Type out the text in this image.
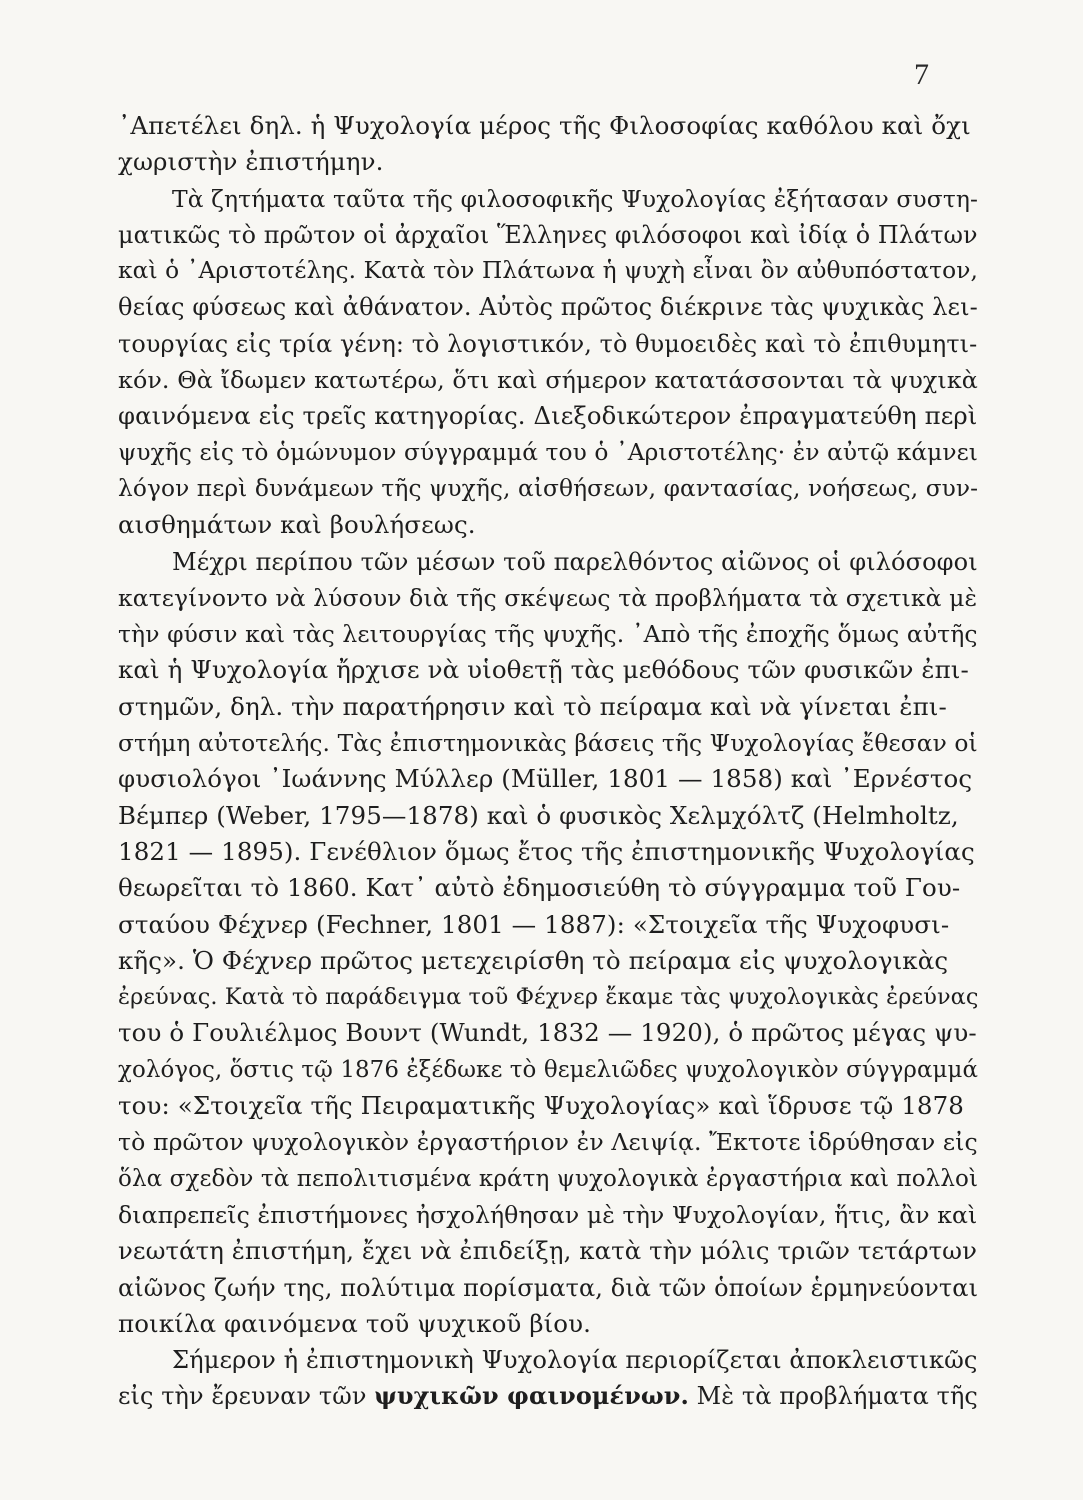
7
᾿Απετέλει δηλ. ἡ Ψυχολογία μέρος τῆς Φιλοσοφίας καθόλου καὶ ὄχι
χωριστὴν ἐπιστήμην.
Τὰ ζητήματα ταῦτα τῆς φιλοσοφικῆς Ψυχολογίας ἐξήτασαν συστη-
ματικῶς τὸ πρῶτον οἱ ἀρχαῖοι Ἕλληνες φιλόσοφοι καὶ ἰδίᾳ ὁ Πλάτων
καὶ ὁ ᾿Αριστοτέλης. Κατὰ τὸν Πλάτωνα ἡ ψυχὴ εἶναι ὂν αὐθυπόστατον,
θείας φύσεως καὶ ἀθάνατον. Αὐτὸς πρῶτος διέκρινε τὰς ψυχικὰς λει-
τουργίας εἰς τρία γένη: τὸ λογιστικόν, τὸ θυμοειδὲς καὶ τὸ ἐπιθυμητι-
κόν. Θὰ ἴδωμεν κατωτέρω, ὅτι καὶ σήμερον κατατάσσονται τὰ ψυχικὰ
φαινόμενα εἰς τρεῖς κατηγορίας. Διεξοδικώτερον ἐπραγματεύθη περὶ
ψυχῆς εἰς τὸ ὁμώνυμον σύγγραμμά του ὁ ᾿Αριστοτέλης· ἐν αὐτῷ κάμνει
λόγον περὶ δυνάμεων τῆς ψυχῆς, αἰσθήσεων, φαντασίας, νοήσεως, συν-
αισθημάτων καὶ βουλήσεως.
Μέχρι περίπου τῶν μέσων τοῦ παρελθόντος αἰῶνος οἱ φιλόσοφοι
κατεγίνοντο νὰ λύσουν διὰ τῆς σκέψεως τὰ προβλήματα τὰ σχετικὰ μὲ
τὴν φύσιν καὶ τὰς λειτουργίας τῆς ψυχῆς. ᾿Απὸ τῆς ἐποχῆς ὅμως αὐτῆς
καὶ ἡ Ψυχολογία ἤρχισε νὰ υἱοθετῇ τὰς μεθόδους τῶν φυσικῶν ἐπι-
στημῶν, δηλ. τὴν παρατήρησιν καὶ τὸ πείραμα καὶ νὰ γίνεται ἐπι-
στήμη αὐτοτελής. Τὰς ἐπιστημονικὰς βάσεις τῆς Ψυχολογίας ἔθεσαν οἱ
φυσιολόγοι ᾿Ιωάννης Μύλλερ (Müller, 1801 — 1858) καὶ ᾿Ερνέστος
Βέμπερ (Weber, 1795—1878) καὶ ὁ φυσικὸς Χελμχόλτζ (Helmholtz,
1821 — 1895). Γενέθλιον ὅμως ἔτος τῆς ἐπιστημονικῆς Ψυχολογίας
θεωρεῖται τὸ 1860. Κατ᾿ αὐτὸ ἐδημοσιεύθη τὸ σύγγραμμα τοῦ Γου-
σταύου Φέχνερ (Fechner, 1801 — 1887): «Στοιχεῖα τῆς Ψυχοφυσι-
κῆς». Ὁ Φέχνερ πρῶτος μετεχειρίσθη τὸ πείραμα εἰς ψυχολογικὰς
ἐρεύνας. Κατὰ τὸ παράδειγμα τοῦ Φέχνερ ἔκαμε τὰς ψυχολογικὰς ἐρεύνας
του ὁ Γουλιέλμος Βουντ (Wundt, 1832 — 1920), ὁ πρῶτος μέγας ψυ-
χολόγος, ὅστις τῷ 1876 ἐξέδωκε τὸ θεμελιῶδες ψυχολογικὸν σύγγραμμά
του: «Στοιχεῖα τῆς Πειραματικῆς Ψυχολογίας» καὶ ἵδρυσε τῷ 1878
τὸ πρῶτον ψυχολογικὸν ἐργαστήριον ἐν Λειψίᾳ. Ἔκτοτε ἱδρύθησαν εἰς
ὅλα σχεδὸν τὰ πεπολιτισμένα κράτη ψυχολογικὰ ἐργαστήρια καὶ πολλοὶ
διαπρεπεῖς ἐπιστήμονες ἠσχολήθησαν μὲ τὴν Ψυχολογίαν, ἥτις, ἂν καὶ
νεωτάτη ἐπιστήμη, ἔχει νὰ ἐπιδείξῃ, κατὰ τὴν μόλις τριῶν τετάρτων
αἰῶνος ζωήν της, πολύτιμα πορίσματα, διὰ τῶν ὁποίων ἑρμηνεύονται
ποικίλα φαινόμενα τοῦ ψυχικοῦ βίου.
Σήμερον ἡ ἐπιστημονικὴ Ψυχολογία περιορίζεται ἀποκλειστικῶς
εἰς τὴν ἔρευναν τῶν ψυχικῶν φαινομένων. Μὲ τὰ προβλήματα τῆς
